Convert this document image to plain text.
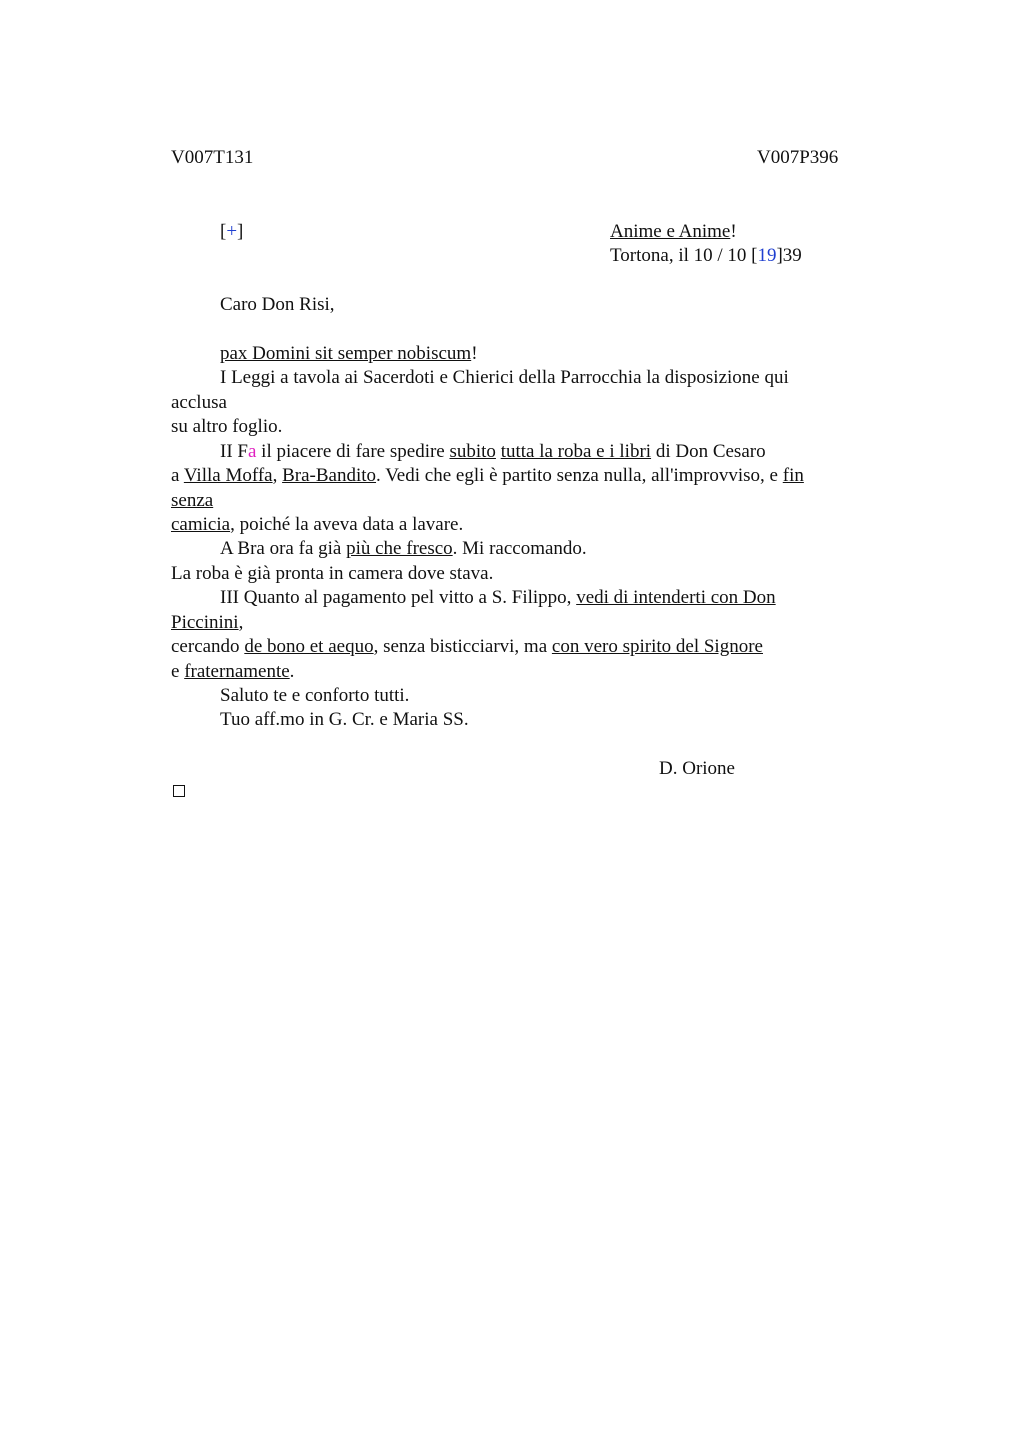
V007T131	V007P396
[+]	Anime e Anime!
Tortona, il 10 / 10 [19]39
Caro Don Risi,
pax Domini sit semper nobiscum!
I Leggi a tavola ai Sacerdoti e Chierici della Parrocchia la disposizione qui
acclusa
su altro foglio.
II Fa il piacere di fare spedire subito tutta la roba e i libri di Don Cesaro
a Villa Moffa, Bra-Bandito. Vedi che egli è partito senza nulla, all'improvviso, e fin
senza
camicia, poiché la aveva data a lavare.
A Bra ora fa già più che fresco. Mi raccomando.
La roba è già pronta in camera dove stava.
III Quanto al pagamento pel vitto a S. Filippo, vedi di intenderti con Don
Piccinini,
cercando de bono et aequo, senza bisticciarvi, ma con vero spirito del Signore
e fraternamente.
Saluto te e conforto tutti.
Tuo aff.mo in G. Cr. e Maria SS.
D. Orione
